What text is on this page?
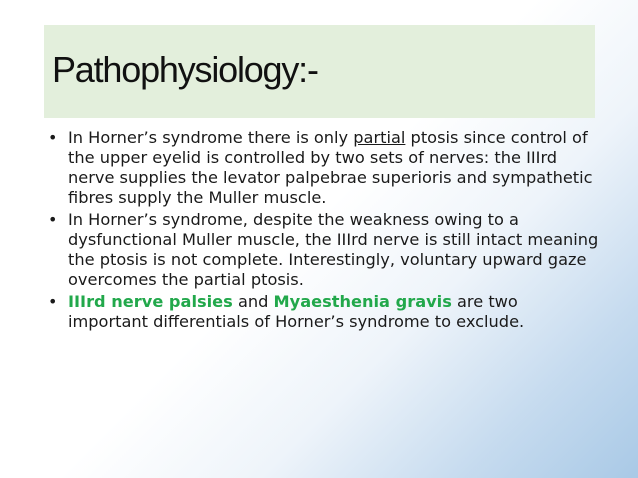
Pathophysiology:-
• In Horner’s syndrome there is only partial ptosis since control of the upper eyelid is controlled by two sets of nerves: the IIIrd nerve supplies the levator palpebrae superioris and sympathetic fibres supply the Muller muscle.
• In Horner’s syndrome, despite the weakness owing to a dysfunctional Muller muscle, the IIIrd nerve is still intact meaning the ptosis is not complete. Interestingly, voluntary upward gaze overcomes the partial ptosis.
• IIIrd nerve palsies and Myaesthenia gravis are two important differentials of Horner’s syndrome to exclude.
